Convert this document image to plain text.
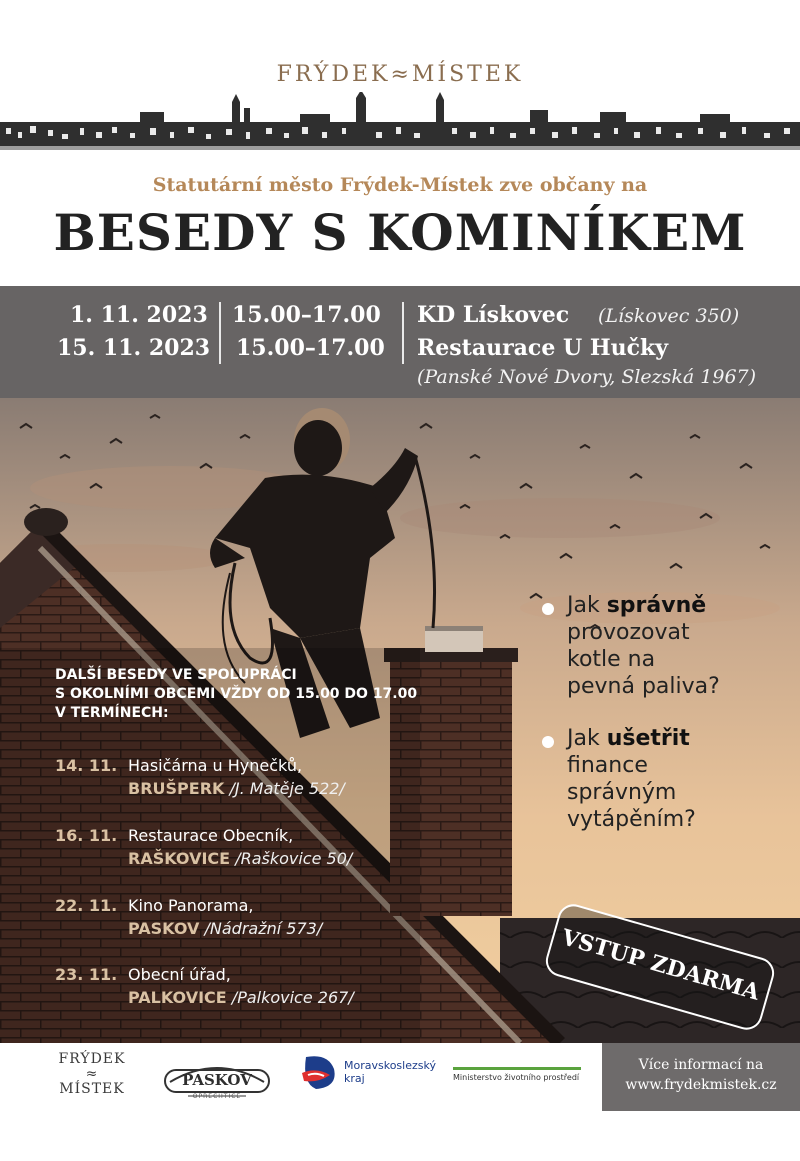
FRÝDEK≈MÍSTEK
Statutární město Frýdek-Místek zve občany na
BESEDY S KOMINÍKEM
1. 11. 2023 15.00–17.00 KD Lískovec (Lískovec 350)
15. 11. 2023 15.00–17.00 Restaurace U Hučky
(Panské Nové Dvory, Slezská 1967)
Jak správně
provozovat
kotle na
pevná paliva?
Jak ušetřit
finance
správným
vytápěním?
DALŠÍ BESEDY VE SPOLUPRÁCI
S OKOLNÍMI OBCEMI VŽDY OD 15.00 DO 17.00
V TERMÍNECH:
14. 11. Hasičárna u Hynečků,
BRUŠPERK /J. Matěje 522/
16. 11. Restaurace Obecník,
RAŠKOVICE /Raškovice 50/
22. 11. Kino Panorama,
PASKOV /Nádražní 573/
23. 11. Obecní úřad,
PALKOVICE /Palkovice 267/	VSTUP ZDARMA
FRÝDEK
≈
MÍSTEK	PASKOV
OPRECHTICE
Moravskoslezský kraj	Ministerstvo životního prostředí
Více informací na
www.frydekmistek.cz
